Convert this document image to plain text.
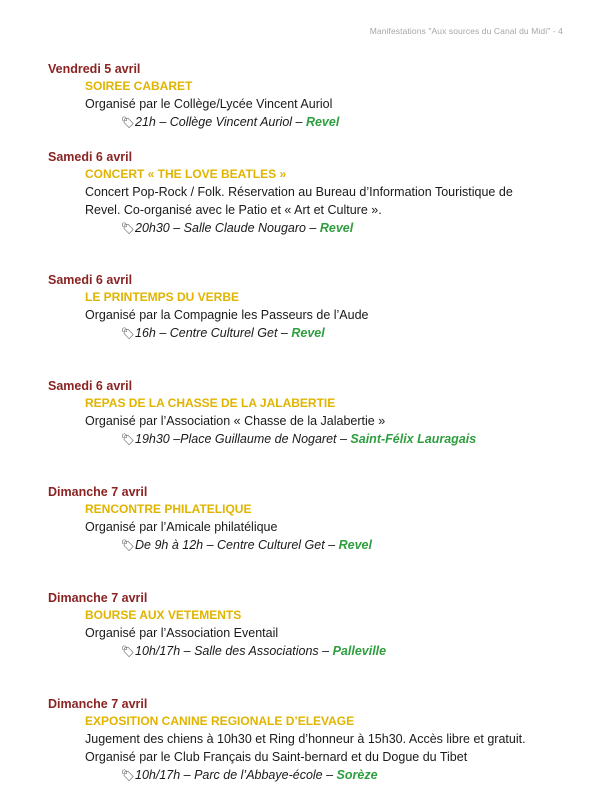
Manifestations "Aux sources du Canal du Midi" - 4
Vendredi 5 avril
SOIREE CABARET
Organisé par le Collège/Lycée Vincent Auriol
🏷21h – Collège Vincent Auriol – Revel
Samedi 6 avril
CONCERT « THE LOVE BEATLES »
Concert Pop-Rock / Folk. Réservation au Bureau d’Information Touristique de
Revel. Co-organisé avec le Patio et « Art et Culture ».
🏷20h30 – Salle Claude Nougaro – Revel
Samedi 6 avril
LE PRINTEMPS DU VERBE
Organisé par la Compagnie les Passeurs de l’Aude
🏷16h – Centre Culturel Get – Revel
Samedi 6 avril
REPAS DE LA CHASSE DE LA JALABERTIE
Organisé par l’Association « Chasse de la Jalabertie »
🏷19h30 –Place Guillaume de Nogaret – Saint-Félix Lauragais
Dimanche 7 avril
RENCONTRE PHILATELIQUE
Organisé par l’Amicale philatélique
🏷De 9h à 12h – Centre Culturel Get – Revel
Dimanche 7 avril
BOURSE AUX VETEMENTS
Organisé par l’Association Eventail
🏷10h/17h – Salle des Associations – Palleville
Dimanche 7 avril
EXPOSITION CANINE REGIONALE D’ELEVAGE
Jugement des chiens à 10h30 et Ring d’honneur à 15h30. Accès libre et gratuit.
Organisé par le Club Français du Saint-bernard et du Dogue du Tibet
🏷10h/17h – Parc de l’Abbaye-école – Sorèze
